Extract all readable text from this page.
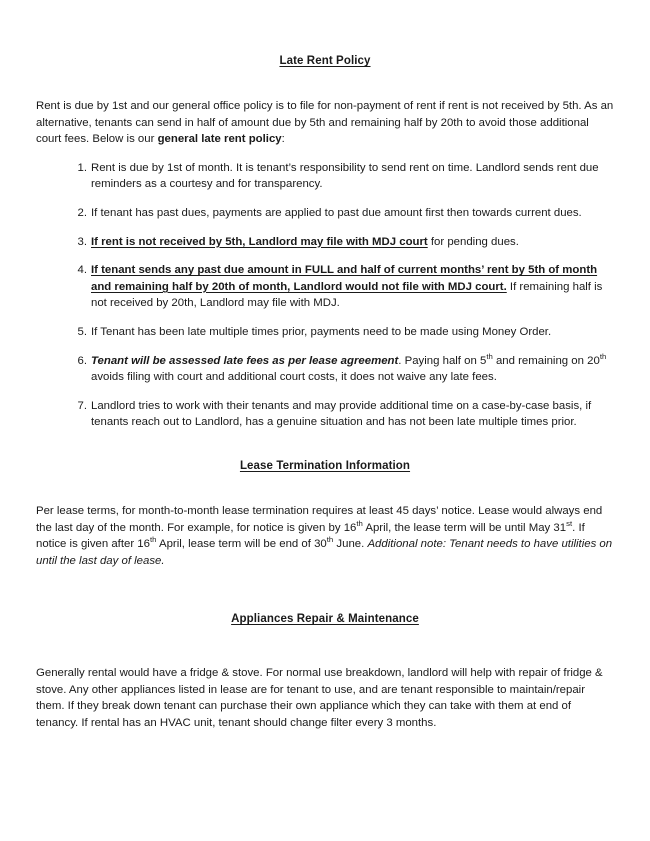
Late Rent Policy

Rent is due by 1st and our general office policy is to file for non-payment of rent if rent is not received by 5th. As an alternative, tenants can send in half of amount due by 5th and remaining half by 20th to avoid those additional court fees. Below is our general late rent policy:

1. Rent is due by 1st of month. It is tenant’s responsibility to send rent on time. Landlord sends rent due reminders as a courtesy and for transparency.
2. If tenant has past dues, payments are applied to past due amount first then towards current dues.
3. If rent is not received by 5th, Landlord may file with MDJ court for pending dues.
4. If tenant sends any past due amount in FULL and half of current months’ rent by 5th of month and remaining half by 20th of month, Landlord would not file with MDJ court. If remaining half is not received by 20th, Landlord may file with MDJ.
5. If Tenant has been late multiple times prior, payments need to be made using Money Order.
6. Tenant will be assessed late fees as per lease agreement. Paying half on 5th and remaining on 20th avoids filing with court and additional court costs, it does not waive any late fees.
7. Landlord tries to work with their tenants and may provide additional time on a case-by-case basis, if tenants reach out to Landlord, has a genuine situation and has not been late multiple times prior.
Lease Termination Information

Per lease terms, for month-to-month lease termination requires at least 45 days’ notice. Lease would always end the last day of the month. For example, for notice is given by 16th April, the lease term will be until May 31st. If notice is given after 16th April, lease term will be end of 30th June. Additional note: Tenant needs to have utilities on until the last day of lease.

Appliances Repair & Maintenance

Generally rental would have a fridge & stove. For normal use breakdown, landlord will help with repair of fridge & stove. Any other appliances listed in lease are for tenant to use, and are tenant responsible to maintain/repair them. If they break down tenant can purchase their own appliance which they can take with them at end of tenancy. If rental has an HVAC unit, tenant should change filter every 3 months.
